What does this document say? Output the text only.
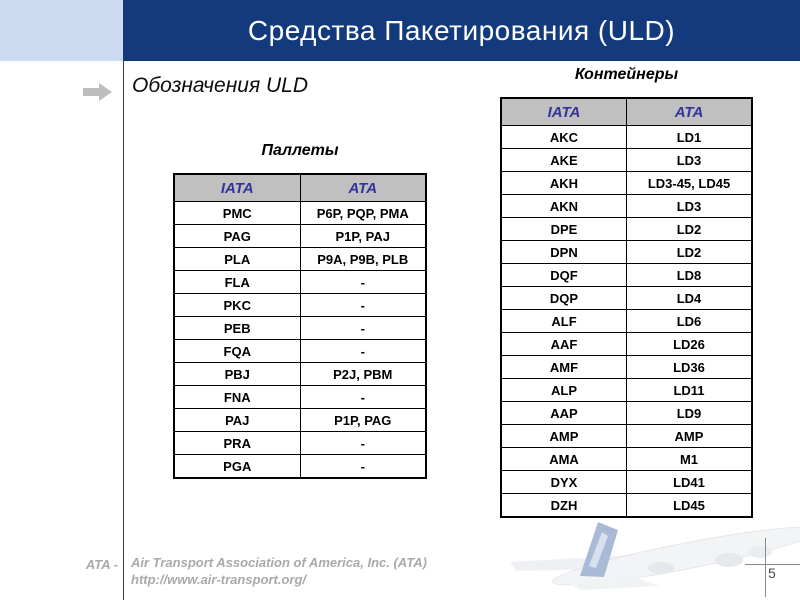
Средства Пакетирования (ULD)
Обозначения ULD
Паллеты
IATA	ATA
PMC	P6P, PQP, PMA
PAG	P1P, PAJ
PLA	P9A, P9B, PLB
FLA	-
PKC	-
PEB	-
FQA	-
PBJ	P2J, PBM
FNA	-
PAJ	P1P, PAG
PRA	-
PGA	-
Контейнеры
IATA	ATA
AKC	LD1
AKE	LD3
AKH	LD3-45, LD45
AKN	LD3
DPE	LD2
DPN	LD2
DQF	LD8
DQP	LD4
ALF	LD6
AAF	LD26
AMF	LD36
ALP	LD11
AAP	LD9
AMP	AMP
AMA	M1
DYX	LD41
DZH	LD45
5
ATA - Air Transport Association of America, Inc. (ATA)
http://www.air-transport.org/
